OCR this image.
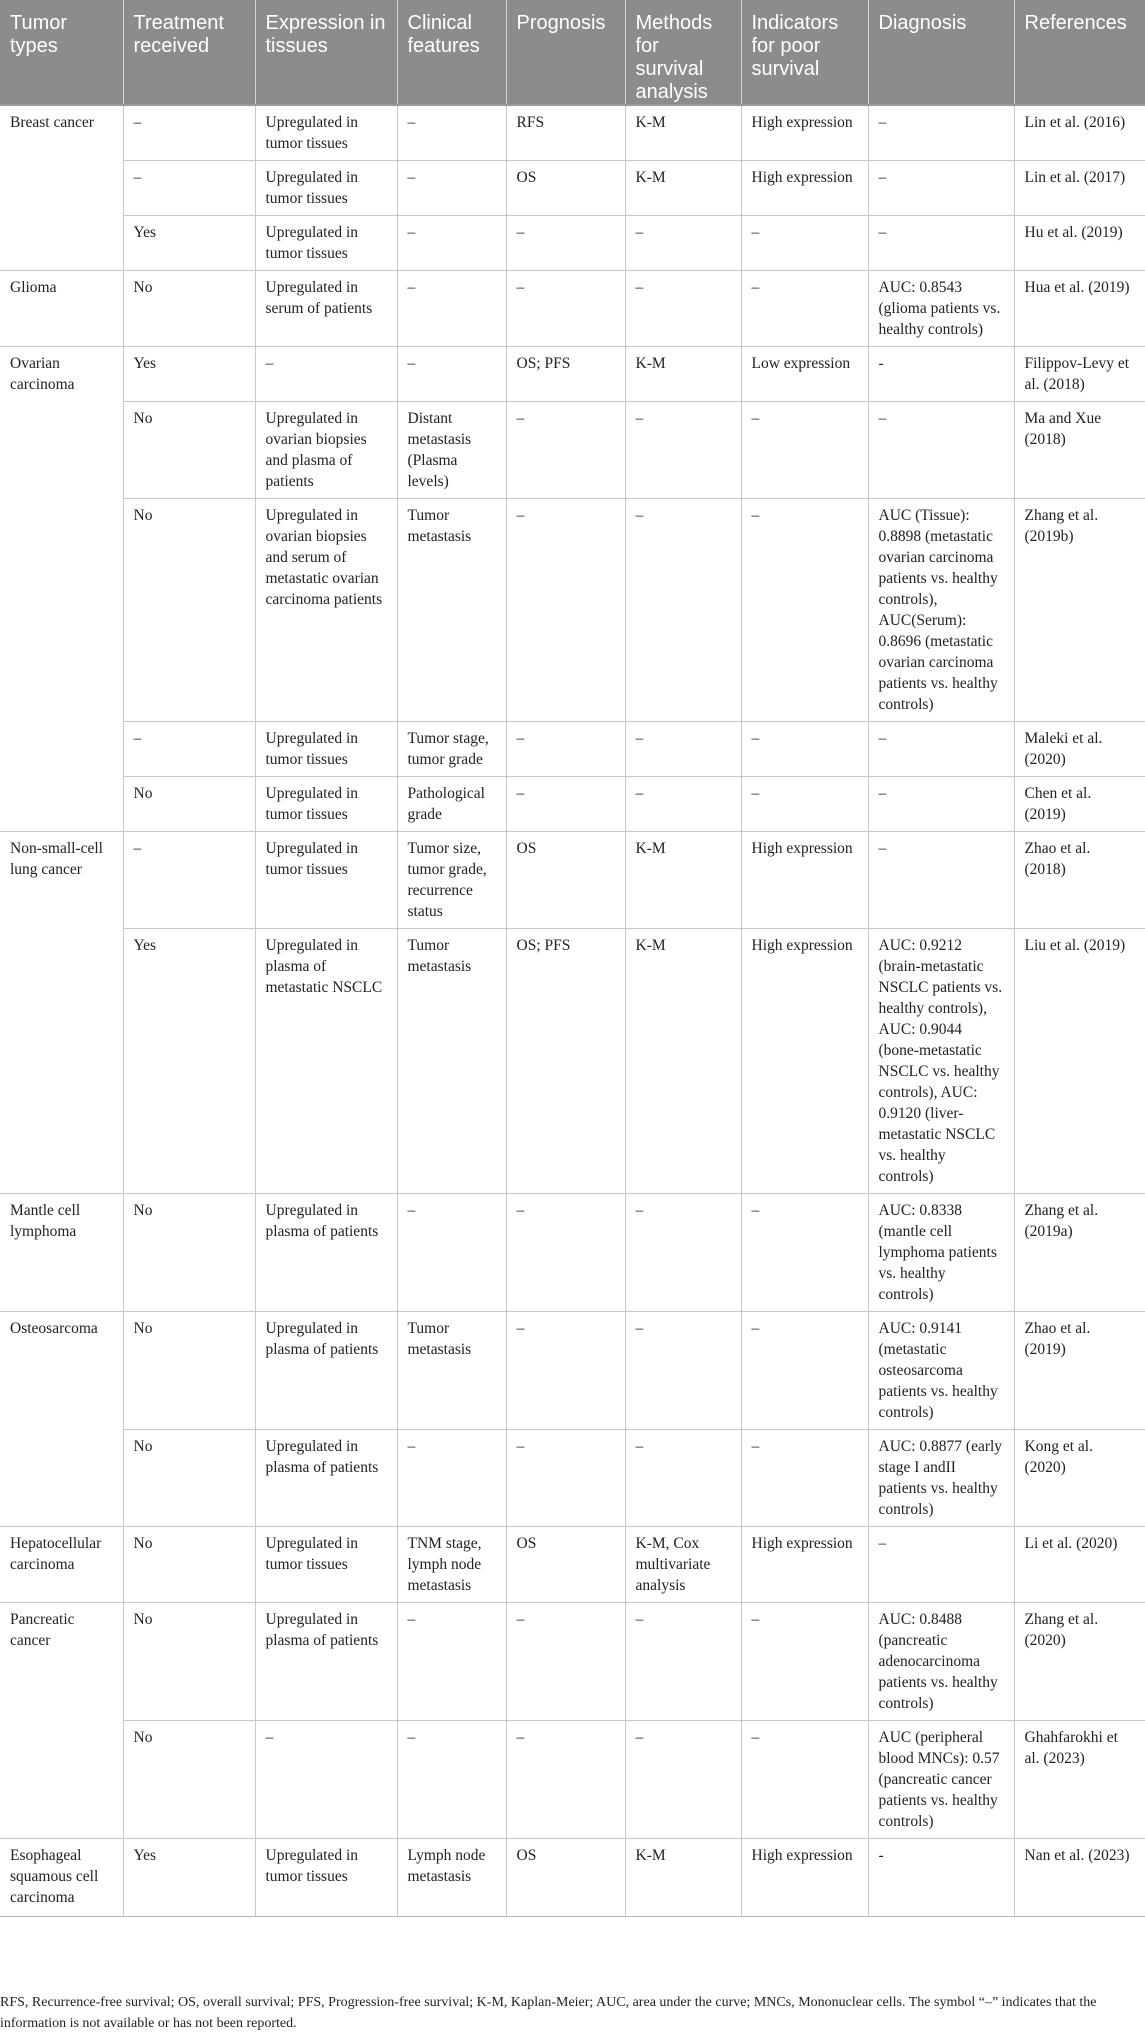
Tumor types	Treatment received	Expression in tissues	Clinical features	Prognosis	Methods for survival analysis	Indicators for poor survival	Diagnosis	References
Breast cancer	–	Upregulated in tumor tissues	–	RFS	K-M	High expression	–	Lin et al. (2016)
	–	Upregulated in tumor tissues	–	OS	K-M	High expression	–	Lin et al. (2017)
	Yes	Upregulated in tumor tissues	–	–	–	–	–	Hu et al. (2019)
Glioma	No	Upregulated in serum of patients	–	–	–	–	AUC: 0.8543 (glioma patients vs. healthy controls)	Hua et al. (2019)
Ovarian carcinoma	Yes	–	–	OS; PFS	K-M	Low expression	-	Filippov-Levy et al. (2018)
	No	Upregulated in ovarian biopsies and plasma of patients	Distant metastasis (Plasma levels)	–	–	–	–	Ma and Xue (2018)
	No	Upregulated in ovarian biopsies and serum of metastatic ovarian carcinoma patients	Tumor metastasis	–	–	–	AUC (Tissue): 0.8898 (metastatic ovarian carcinoma patients vs. healthy controls), AUC(Serum): 0.8696 (metastatic ovarian carcinoma patients vs. healthy controls)	Zhang et al. (2019b)
	–	Upregulated in tumor tissues	Tumor stage, tumor grade	–	–	–	–	Maleki et al. (2020)
	No	Upregulated in tumor tissues	Pathological grade	–	–	–	–	Chen et al. (2019)
Non-small-cell lung cancer	–	Upregulated in tumor tissues	Tumor size, tumor grade, recurrence status	OS	K-M	High expression	–	Zhao et al. (2018)
	Yes	Upregulated in plasma of metastatic NSCLC	Tumor metastasis	OS; PFS	K-M	High expression	AUC: 0.9212 (brain-metastatic NSCLC patients vs. healthy controls), AUC: 0.9044 (bone-metastatic NSCLC vs. healthy controls), AUC: 0.9120 (liver-metastatic NSCLC vs. healthy controls)	Liu et al. (2019)
Mantle cell lymphoma	No	Upregulated in plasma of patients	–	–	–	–	AUC: 0.8338 (mantle cell lymphoma patients vs. healthy controls)	Zhang et al. (2019a)
Osteosarcoma	No	Upregulated in plasma of patients	Tumor metastasis	–	–	–	AUC: 0.9141 (metastatic osteosarcoma patients vs. healthy controls)	Zhao et al. (2019)
	No	Upregulated in plasma of patients	–	–	–	–	AUC: 0.8877 (early stage I andII patients vs. healthy controls)	Kong et al. (2020)
Hepatocellular carcinoma	No	Upregulated in tumor tissues	TNM stage, lymph node metastasis	OS	K-M, Cox multivariate analysis	High expression	–	Li et al. (2020)
Pancreatic cancer	No	Upregulated in plasma of patients	–	–	–	–	AUC: 0.8488 (pancreatic adenocarcinoma patients vs. healthy controls)	Zhang et al. (2020)
	No	–	–	–	–	–	AUC (peripheral blood MNCs): 0.57 (pancreatic cancer patients vs. healthy controls)	Ghahfarokhi et al. (2023)
Esophageal squamous cell carcinoma	Yes	Upregulated in tumor tissues	Lymph node metastasis	OS	K-M	High expression	-	Nan et al. (2023)
RFS, Recurrence-free survival; OS, overall survival; PFS, Progression-free survival; K-M, Kaplan-Meier; AUC, area under the curve; MNCs, Mononuclear cells. The symbol “–” indicates that the information is not available or has not been reported.
